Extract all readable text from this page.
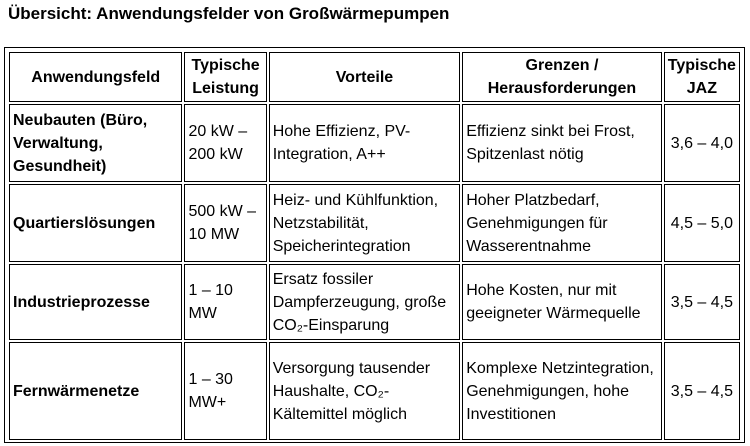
Übersicht: Anwendungsfelder von Großwärmepumpen
Anwendungsfeld	Typische Leistung	Vorteile	Grenzen / Herausforderungen	Typische JAZ
Neubauten (Büro, Verwaltung, Gesundheit)	20 kW – 200 kW	Hohe Effizienz, PV-Integration, A++	Effizienz sinkt bei Frost, Spitzenlast nötig	3,6 – 4,0
Quartierslösungen	500 kW – 10 MW	Heiz- und Kühlfunktion, Netzstabilität, Speicherintegration	Hoher Platzbedarf, Genehmigungen für Wasserentnahme	4,5 – 5,0
Industrieprozesse	1 – 10 MW	Ersatz fossiler Dampferzeugung, große CO₂-Einsparung	Hohe Kosten, nur mit geeigneter Wärmequelle	3,5 – 4,5
Fernwärmenetze	1 – 30 MW+	Versorgung tausender Haushalte, CO₂-Kältemittel möglich	Komplexe Netzintegration, Genehmigungen, hohe Investitionen	3,5 – 4,5
